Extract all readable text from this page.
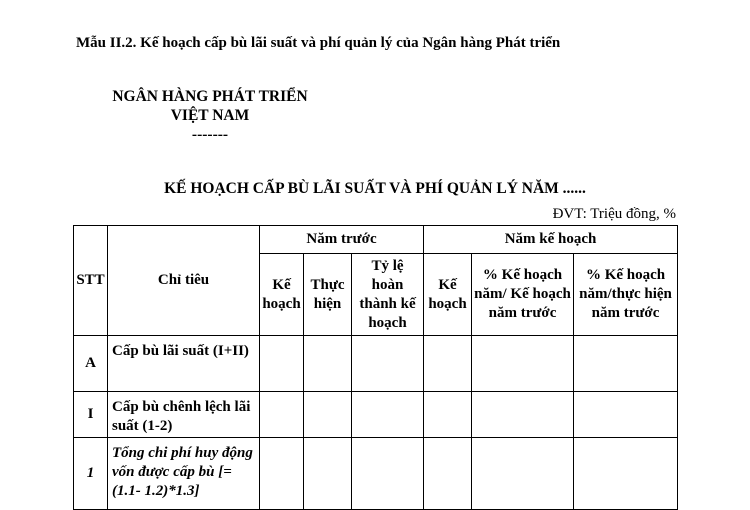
Mẫu II.2. Kế hoạch cấp bù lãi suất và phí quản lý của Ngân hàng Phát triển
NGÂN HÀNG PHÁT TRIỂN
VIỆT NAM
-------
KẾ HOẠCH CẤP BÙ LÃI SUẤT VÀ PHÍ QUẢN LÝ NĂM ......
ĐVT: Triệu đồng, %
STT	Chỉ tiêu	Năm trước			Năm kế hoạch		
		Kế hoạch	Thực hiện	Tỷ lệ hoàn thành kế hoạch	Kế hoạch	% Kế hoạch năm/ Kế hoạch năm trước	% Kế hoạch năm/thực hiện năm trước
A	Cấp bù lãi suất (I+II)						
I	Cấp bù chênh lệch lãi suất (1-2)						
1	Tổng chi phí huy động vốn được cấp bù [=(1.1- 1.2)*1.3]						
